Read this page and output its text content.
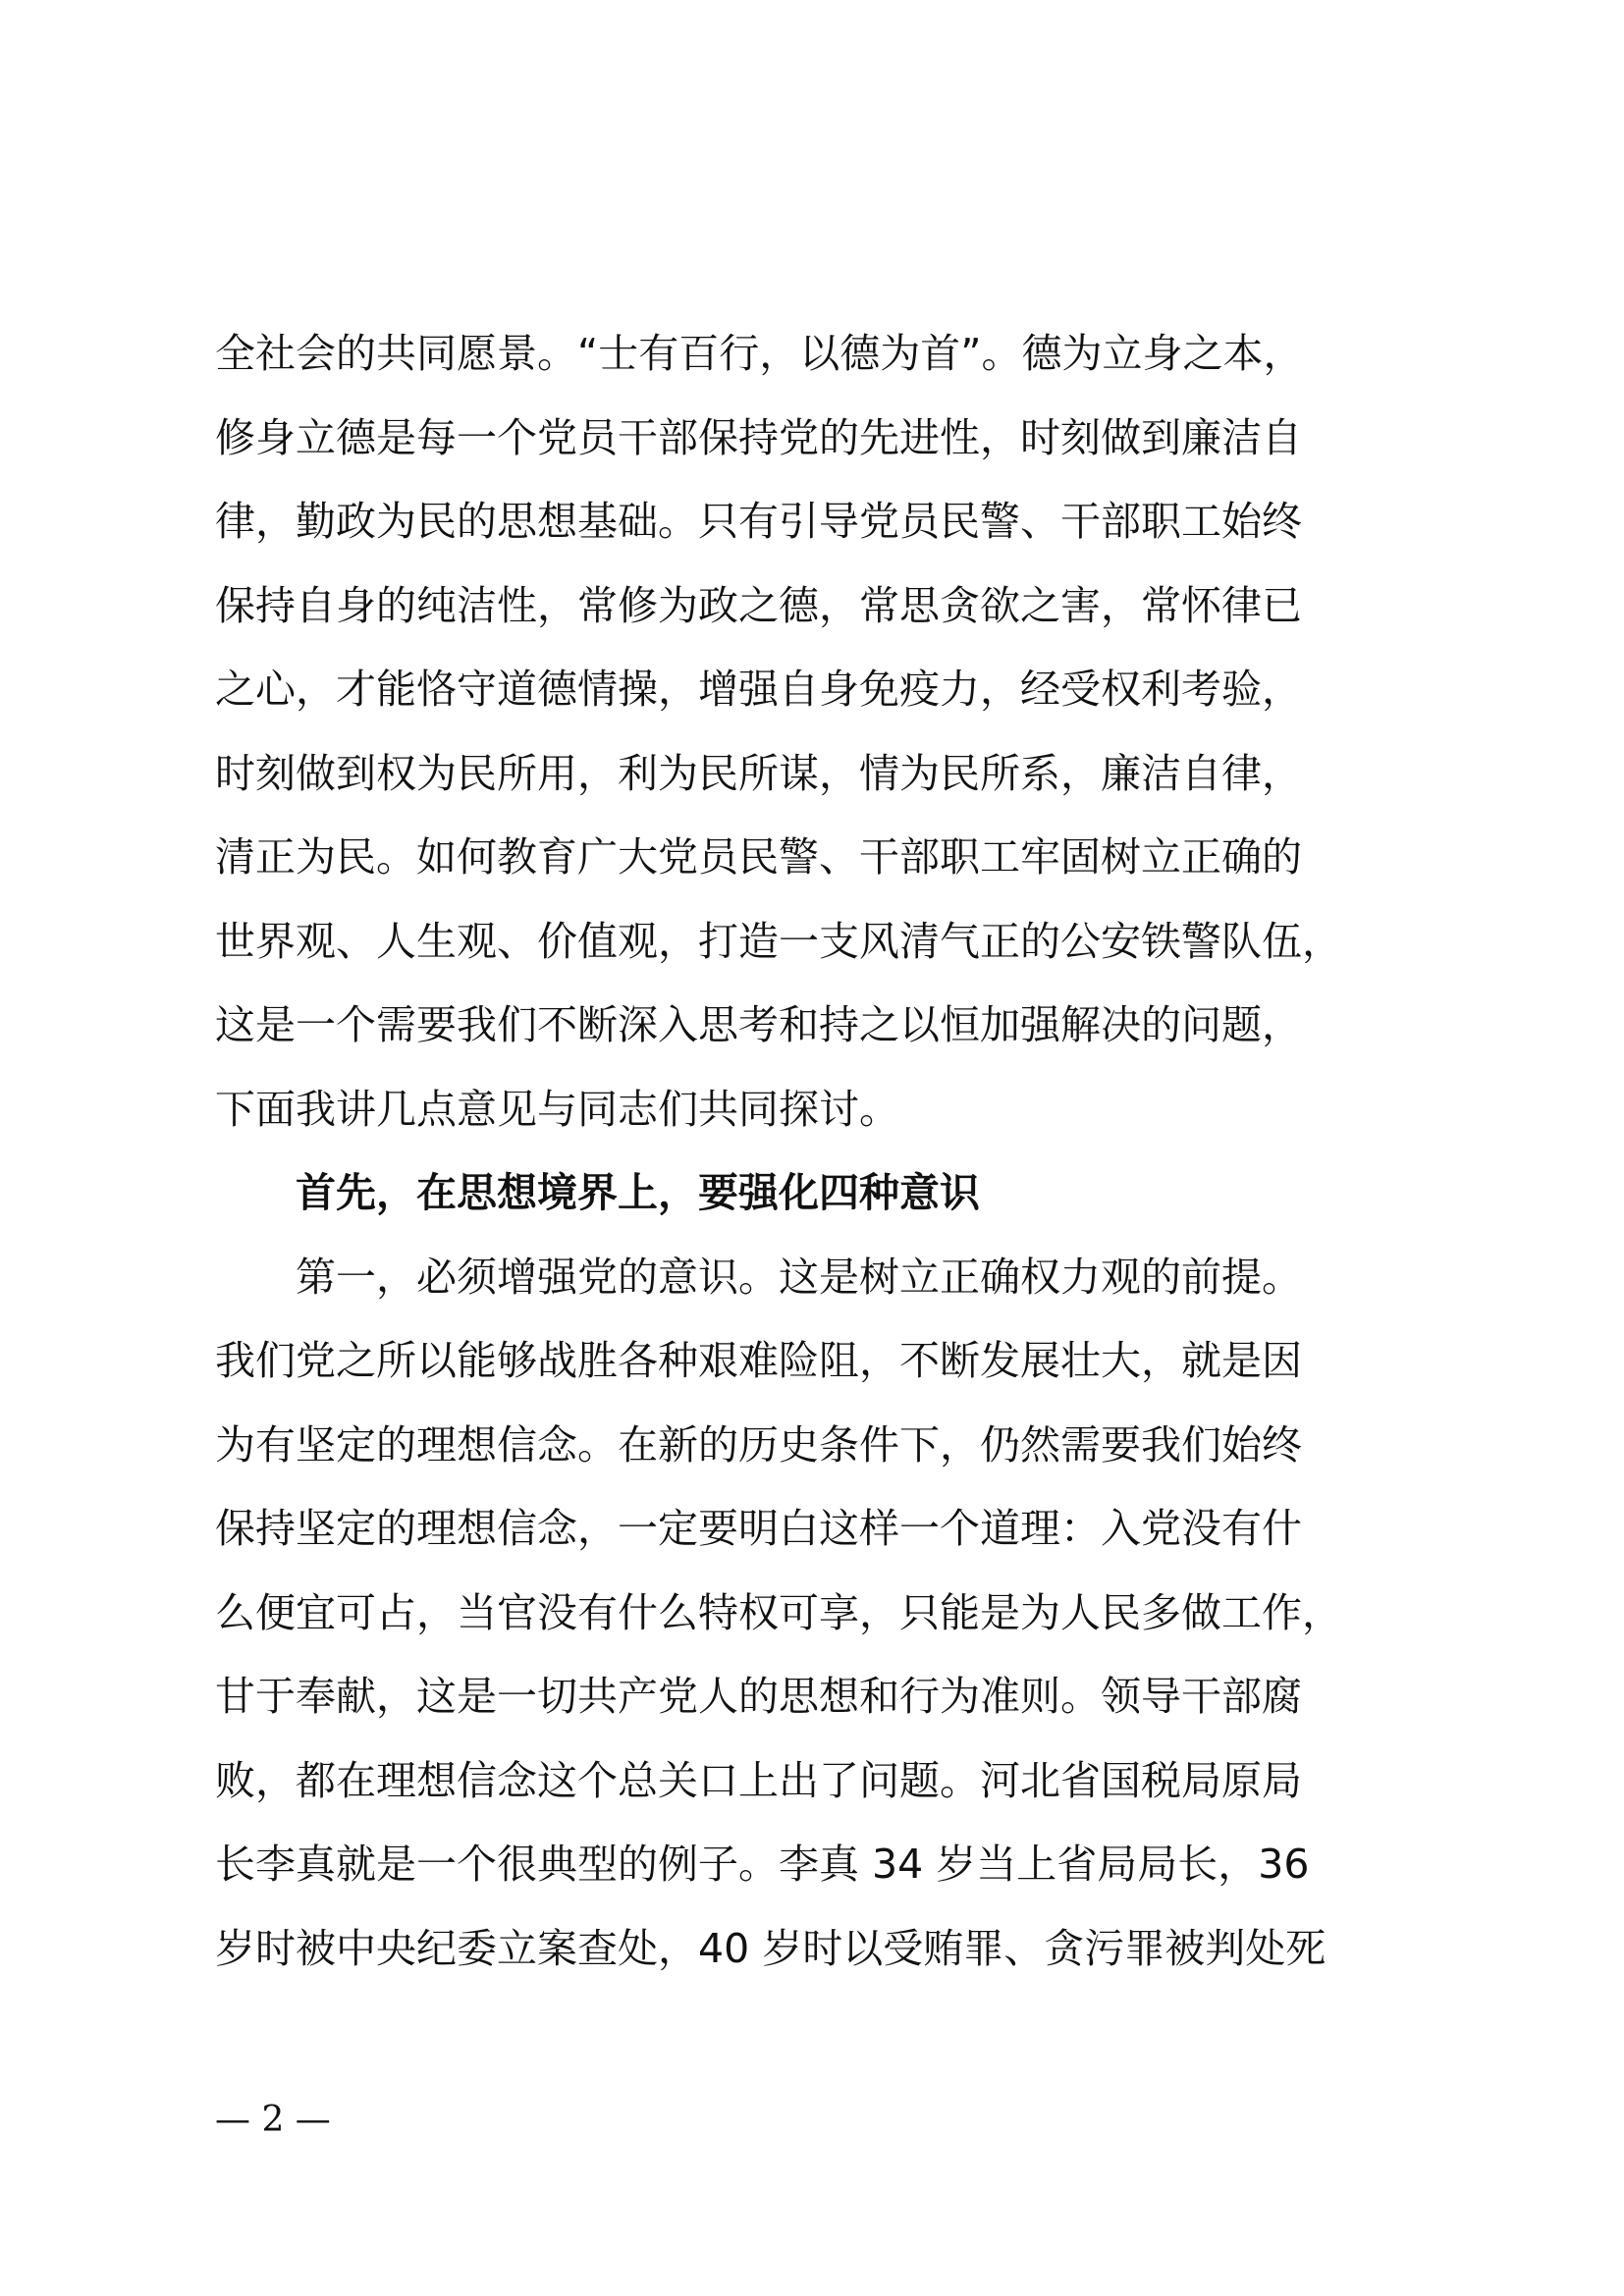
全社会的共同愿景。“士有百行，以德为首”。德为立身之本，
修身立德是每一个党员干部保持党的先进性，时刻做到廉洁自
律，勤政为民的思想基础。只有引导党员民警、干部职工始终
保持自身的纯洁性，常修为政之德，常思贪欲之害，常怀律已
之心，才能恪守道德情操，增强自身免疫力，经受权利考验，
时刻做到权为民所用，利为民所谋，情为民所系，廉洁自律，
清正为民。如何教育广大党员民警、干部职工牢固树立正确的
世界观、人生观、价值观，打造一支风清气正的公安铁警队伍，
这是一个需要我们不断深入思考和持之以恒加强解决的问题，
下面我讲几点意见与同志们共同探讨。
首先，在思想境界上，要强化四种意识
第一，必须增强党的意识。这是树立正确权力观的前提。
我们党之所以能够战胜各种艰难险阻，不断发展壮大，就是因
为有坚定的理想信念。在新的历史条件下，仍然需要我们始终
保持坚定的理想信念，一定要明白这样一个道理：入党没有什
么便宜可占，当官没有什么特权可享，只能是为人民多做工作，
甘于奉献，这是一切共产党人的思想和行为准则。领导干部腐
败，都在理想信念这个总关口上出了问题。河北省国税局原局
长李真就是一个很典型的例子。李真 34 岁当上省局局长，36
岁时被中央纪委立案查处，40 岁时以受贿罪、贪污罪被判处死
— 2 —
